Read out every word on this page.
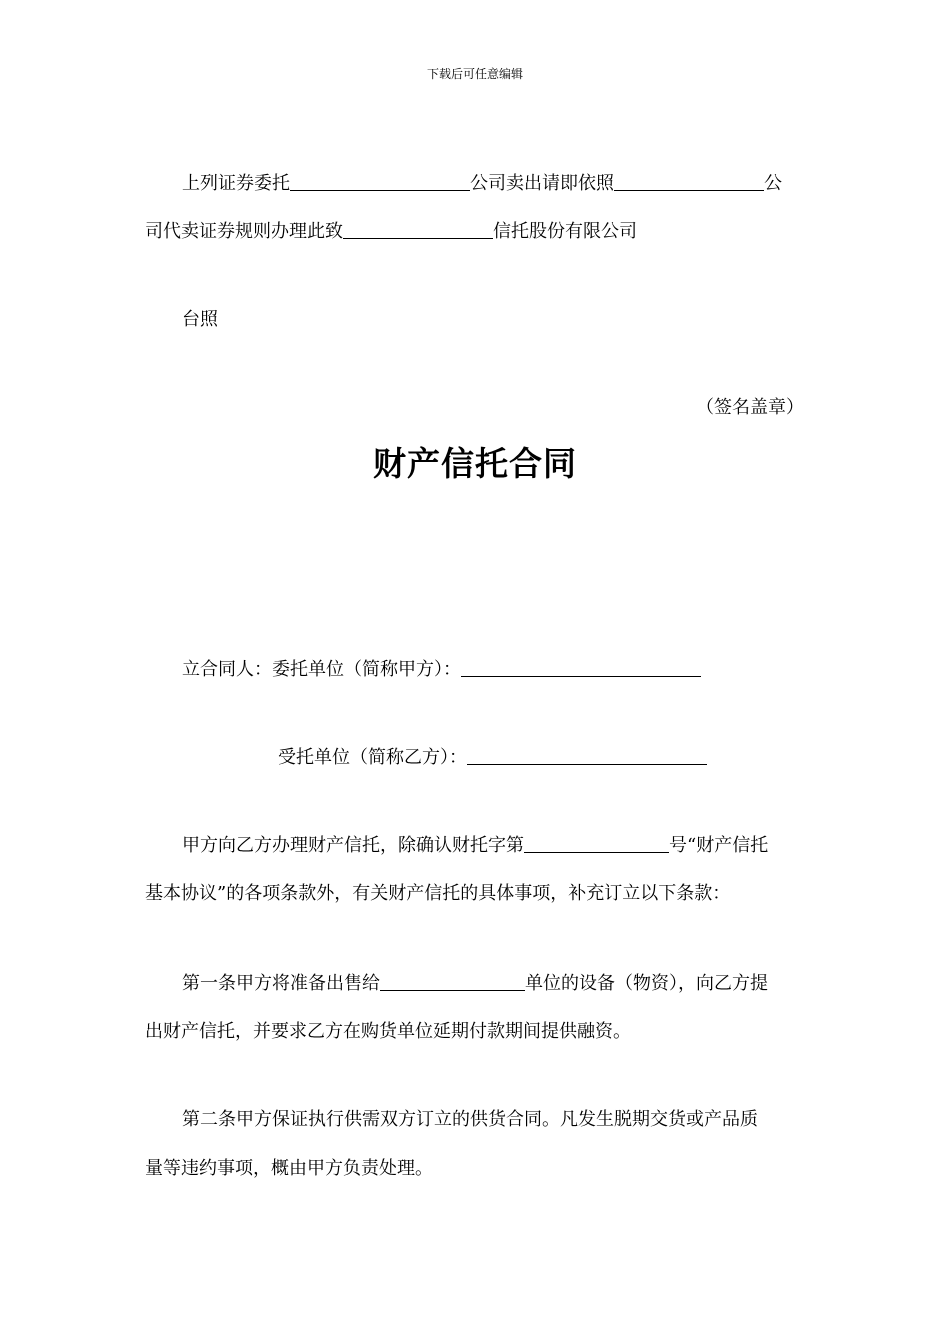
下载后可任意编辑
上列证券委托	公司卖出请即依照	公
司代卖证券规则办理此致	信托股份有限公司
台照
（签名盖章）
财产信托合同
立合同人：委托单位（简称甲方）：
受托单位（简称乙方）：
甲方向乙方办理财产信托，除确认财托字第	号“财产信托
基本协议”的各项条款外，有关财产信托的具体事项，补充订立以下条款：
第一条甲方将准备出售给	单位的设备（物资），向乙方提
出财产信托，并要求乙方在购货单位延期付款期间提供融资。
第二条甲方保证执行供需双方订立的供货合同。凡发生脱期交货或产品质
量等违约事项，概由甲方负责处理。
